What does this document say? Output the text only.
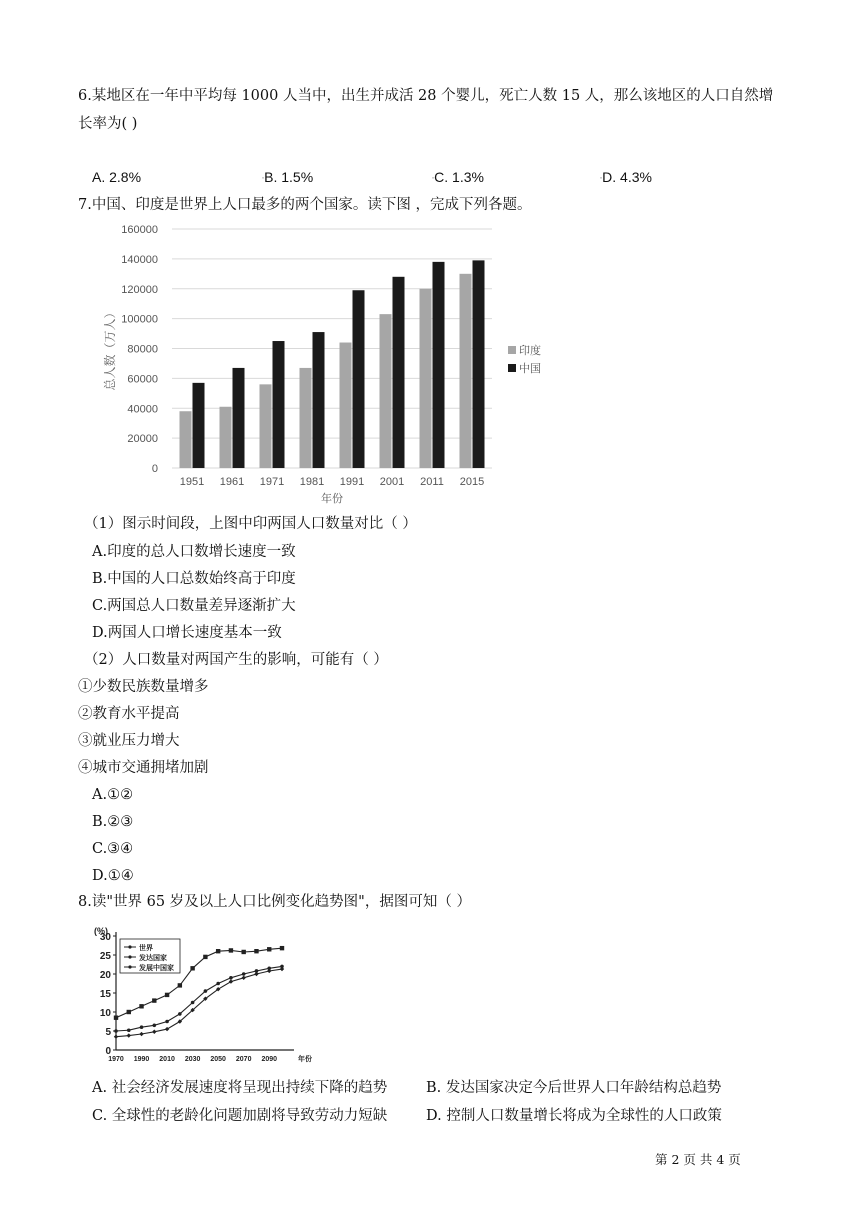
6.某地区在一年中平均每 1000 人当中，出生并成活 28 个婴儿，死亡人数 15 人，那么该地区的人口自然增
长率为( )
A. 2.8%	▫B. 1.5%	▫C. 1.3%	▫D. 4.3%
7.中国、印度是世界上人口最多的两个国家。读下图 ，完成下列各题。
0
20000
40000
60000
80000
100000
120000
140000
160000
1951 1961 1971 1981 1991 2001 2011 2015
年份
总人数（万人）	印度
中国
（1）图示时间段，上图中印两国人口数量对比（ ）
A.印度的总人口数增长速度一致
B.中国的人口总数始终高于印度
C.两国总人口数量差异逐渐扩大
D.两国人口增长速度基本一致
（2）人口数量对两国产生的影响，可能有（ ）
①少数民族数量增多
②教育水平提高
③就业压力增大
④城市交通拥堵加剧
A.①②
B.②③
C.③④
D.①④
8.读"世界 65 岁及以上人口比例变化趋势图"，据图可知（ ）
(%)
0
5
10
15
20
25
30
1970 1990 2010 2030 2050 2070 2090	年份
世界
发达国家
发展中国家
A. 社会经济发展速度将呈现出持续下降的趋势	B. 发达国家决定今后世界人口年龄结构总趋势
C. 全球性的老龄化问题加剧将导致劳动力短缺	D. 控制人口数量增长将成为全球性的人口政策
第 2 页 共 4 页
